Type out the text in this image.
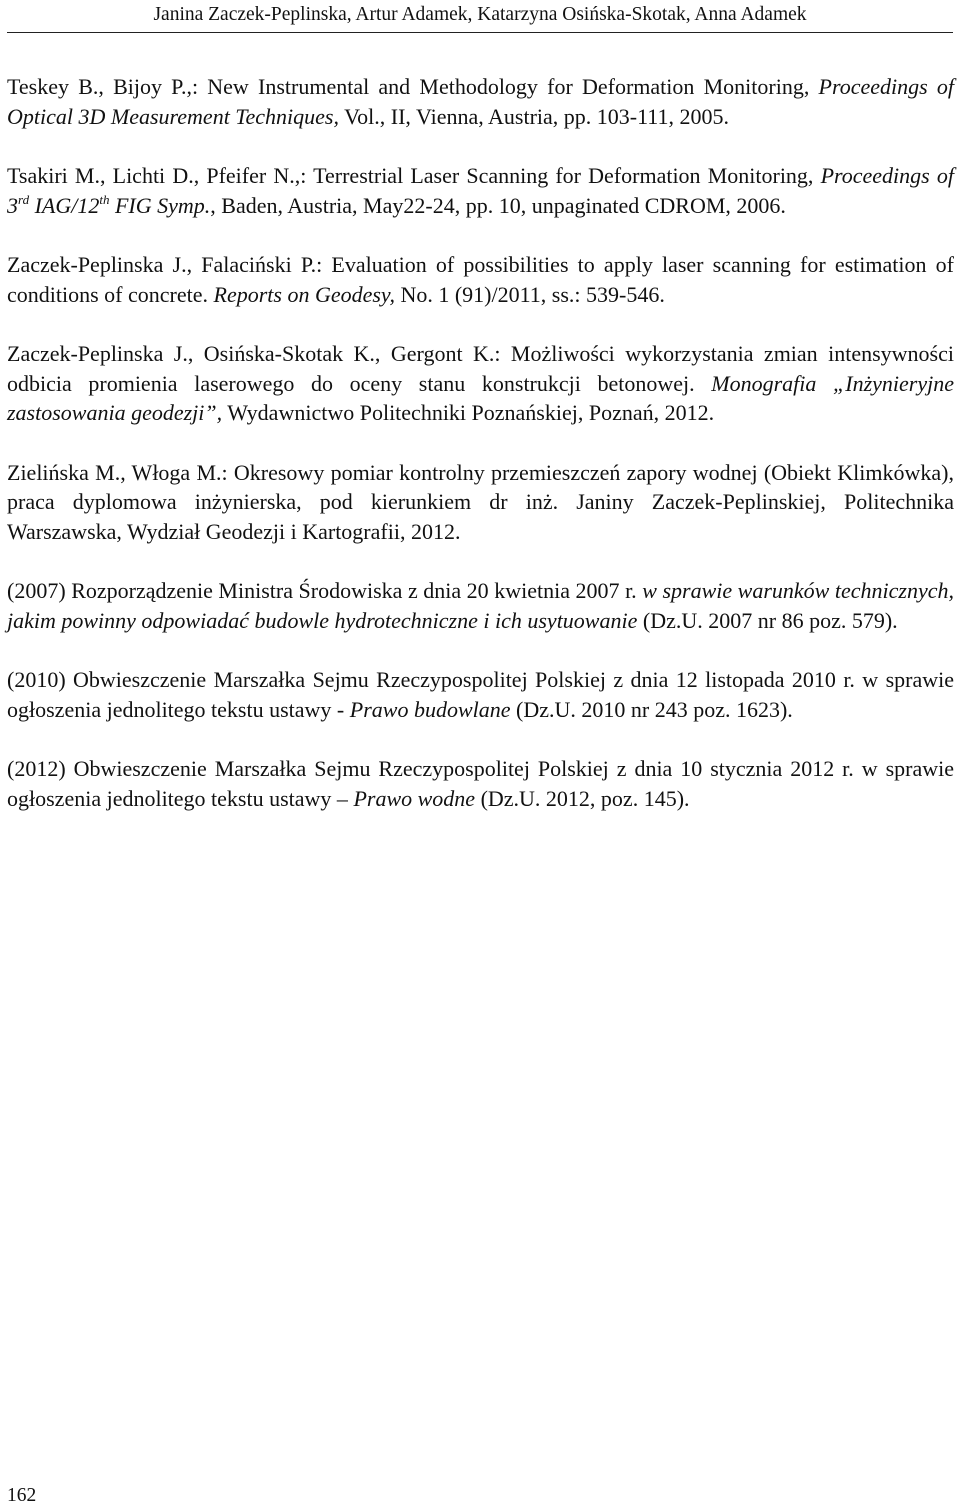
Janina Zaczek-Peplinska, Artur Adamek, Katarzyna Osińska-Skotak, Anna Adamek

Teskey B., Bijoy P.,: New Instrumental and Methodology for Deformation Monitoring, Proceedings of Optical 3D Measurement Techniques, Vol., II, Vienna, Austria, pp. 103-111, 2005.

Tsakiri M., Lichti D., Pfeifer N.,: Terrestrial Laser Scanning for Deformation Monitoring, Proceedings of 3rd IAG/12th FIG Symp., Baden, Austria, May22-24, pp. 10, unpaginated CDROM, 2006.

Zaczek-Peplinska J., Falaciński P.: Evaluation of possibilities to apply laser scanning for estimation of conditions of concrete. Reports on Geodesy, No. 1 (91)/2011, ss.: 539-546.

Zaczek-Peplinska J., Osińska-Skotak K., Gergont K.: Możliwości wykorzystania zmian intensywności odbicia promienia laserowego do oceny stanu konstrukcji betonowej. Monografia „Inżynieryjne zastosowania geodezji”, Wydawnictwo Politechniki Poznańskiej, Poznań, 2012.

Zielińska M., Włoga M.: Okresowy pomiar kontrolny przemieszczeń zapory wodnej (Obiekt Klimkówka), praca dyplomowa inżynierska, pod kierunkiem dr inż. Janiny Zaczek-Peplinskiej, Politechnika Warszawska, Wydział Geodezji i Kartografii, 2012.

(2007) Rozporządzenie Ministra Środowiska z dnia 20 kwietnia 2007 r. w sprawie warunków technicznych, jakim powinny odpowiadać budowle hydrotechniczne i ich usytuowanie (Dz.U. 2007 nr 86 poz. 579).

(2010) Obwieszczenie Marszałka Sejmu Rzeczypospolitej Polskiej z dnia 12 listopada 2010 r. w sprawie ogłoszenia jednolitego tekstu ustawy - Prawo budowlane (Dz.U. 2010 nr 243 poz. 1623).

(2012) Obwieszczenie Marszałka Sejmu Rzeczypospolitej Polskiej z dnia 10 stycznia 2012 r. w sprawie ogłoszenia jednolitego tekstu ustawy – Prawo wodne (Dz.U. 2012, poz. 145).

162
